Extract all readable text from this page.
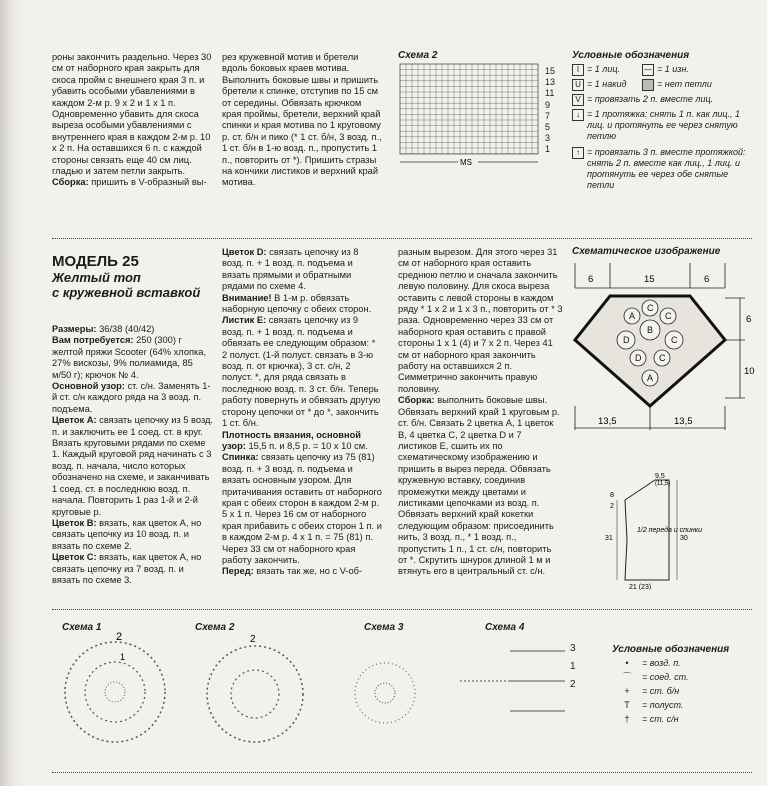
роны закончить раздельно. Через 30 см от наборного края закрыть для скоса пройм с внешнего края 3 п. и убавить особыми убавлениями в каждом 2-м р. 9 х 2 и 1 х 1 п. Одновременно убавить для скоса выреза особыми убавлениями с внутреннего края в каждом 2-м р. 10 х 2 п. На оставшихся 6 п. с каждой стороны связать еще 40 см лиц. гладью и затем петли закрыть. Сборка: пришить в V-образный вы-

рез кружевной мотив и бретели вдоль боковых краев мотива. Выполнить боковые швы и пришить бретели к спинке, отступив по 15 см от середины. Обвязать крючком края проймы, бретели, верхний край спинки и края мотива по 1 круговому р. ст. б/н и пико (* 1 ст. б/н, 3 возд. п., 1 ст. б/н в 1-ю возд. п., пропустить 1 п., повторить от *). Пришить стразы на кончики листиков и верхний край мотива.

Схема 2
MS
15
13
11
9
7
5
3
1
Условные обозначения
I = 1 лиц.	— = 1 изн.
U = 1 накид	= нет петли
V = провязать 2 п. вместе лиц.
↓ = 1 протяжка: снять 1 п. как лиц., 1 лиц. и протянуть ее через снятую петлю
↑ = провязать 3 п. вместе протяжкой: снять 2 п. вместе как лиц., 1 лиц. и протянуть ее через обе снятые петли
МОДЕЛЬ 25
Желтый топ
с кружевной вставкой

Размеры: 36/38 (40/42)

Вам потребуется: 250 (300) г желтой пряжи Scooter (64% хлопка, 27% вискозы, 9% полиамида, 85 м/50 г); крючок № 4.

Основной узор: ст. с/н. Заменять 1-й ст. с/н каждого ряда на 3 возд. п. подъема.

Цветок А: связать цепочку из 5 возд. п. и заключить ее 1 соед. ст. в круг. Вязать круговыми рядами по схеме 1. Каждый круговой ряд начинать с 3 возд. п. начала, число которых обозначено на схеме, и заканчивать 1 соед. ст. в последнюю возд. п. начала. Повторить 1 раз 1-й и 2-й круговые р.

Цветок В: вязать, как цветок А, но связать цепочку из 10 возд. п. и вязать по схеме 2.

Цветок С: вязать, как цветок А, но связать цепочку из 7 возд. п. и вязать по схеме 3.

Цветок D: связать цепочку из 8 возд. п. + 1 возд. п. подъема и вязать прямыми и обратными рядами по схеме 4.

Внимание! В 1-м р. обвязать наборную цепочку с обеих сторон.

Листик Е: связать цепочку из 9 возд. п. + 1 возд. п. подъема и обвязать ее следующим образом: * 2 полуст. (1-й полуст. связать в 3-ю возд. п. от крючка), 3 ст. с/н, 2 полуст. *, для ряда связать в последнюю возд. п. 3 ст. б/н. Теперь работу повернуть и обвязать другую сторону цепочки от * до *, закончить 1 ст. б/н.

Плотность вязания, основной узор: 15,5 п. и 8,5 р. = 10 х 10 см.

Спинка: связать цепочку из 75 (81) возд. п. + 3 возд. п. подъема и вязать основным узором. Для притачивания оставить от наборного края с обеих сторон в каждом 2-м р. 5 х 1 п. Через 16 см от наборного края прибавить с обеих сторон 1 п. и в каждом 2-м р. 4 х 1 п. = 75 (81) п. Через 33 см от наборного края работу закончить.

Перед: вязать так же, но с V-об-

разным вырезом. Для этого через 31 см от наборного края оставить среднюю петлю и сначала закончить левую половину. Для скоса выреза оставить с левой стороны в каждом ряду * 1 х 2 и 1 х 3 п., повторить от * 3 раза. Одновременно через 33 см от наборного края оставить с правой стороны 1 х 1 (4) и 7 х 2 п. Через 41 см от наборного края закончить работу на оставшихся 2 п. Симметрично закончить правую половину.

Сборка: выполнить боковые швы. Обвязать верхний край 1 круговым р. ст. б/н. Связать 2 цветка А, 1 цветок В, 4 цветка С, 2 цветка D и 7 листиков Е, сшить их по схематическому изображению и пришить в вырез переда. Обвязать кружевную вставку, соединив промежутки между цветами и листиками цепочками из возд. п. Обвязать верхний край кокетки следующим образом: присоединить нить, 3 возд. п., * 1 возд. п., пропустить 1 п., 1 ст. с/н, повторить от *. Скрутить шнурок длиной 1 м и втянуть его в центральный ст. с/н.

Схематическое изображение
A
C
C
B
D	C
D C
A
6	15	6
6
10
13,5	13,5
9,5
(11,5)
8
2
31	30
21 (23)
1/2 переда и спинки
Схема 1	Схема 2	Схема 3	Схема 4
2
1
2
3
1
2
Условные обозначения
•	= возд. п.
⌒	= соед. ст.
+	= ст. б/н
T	= полуст.
†	= ст. с/н
